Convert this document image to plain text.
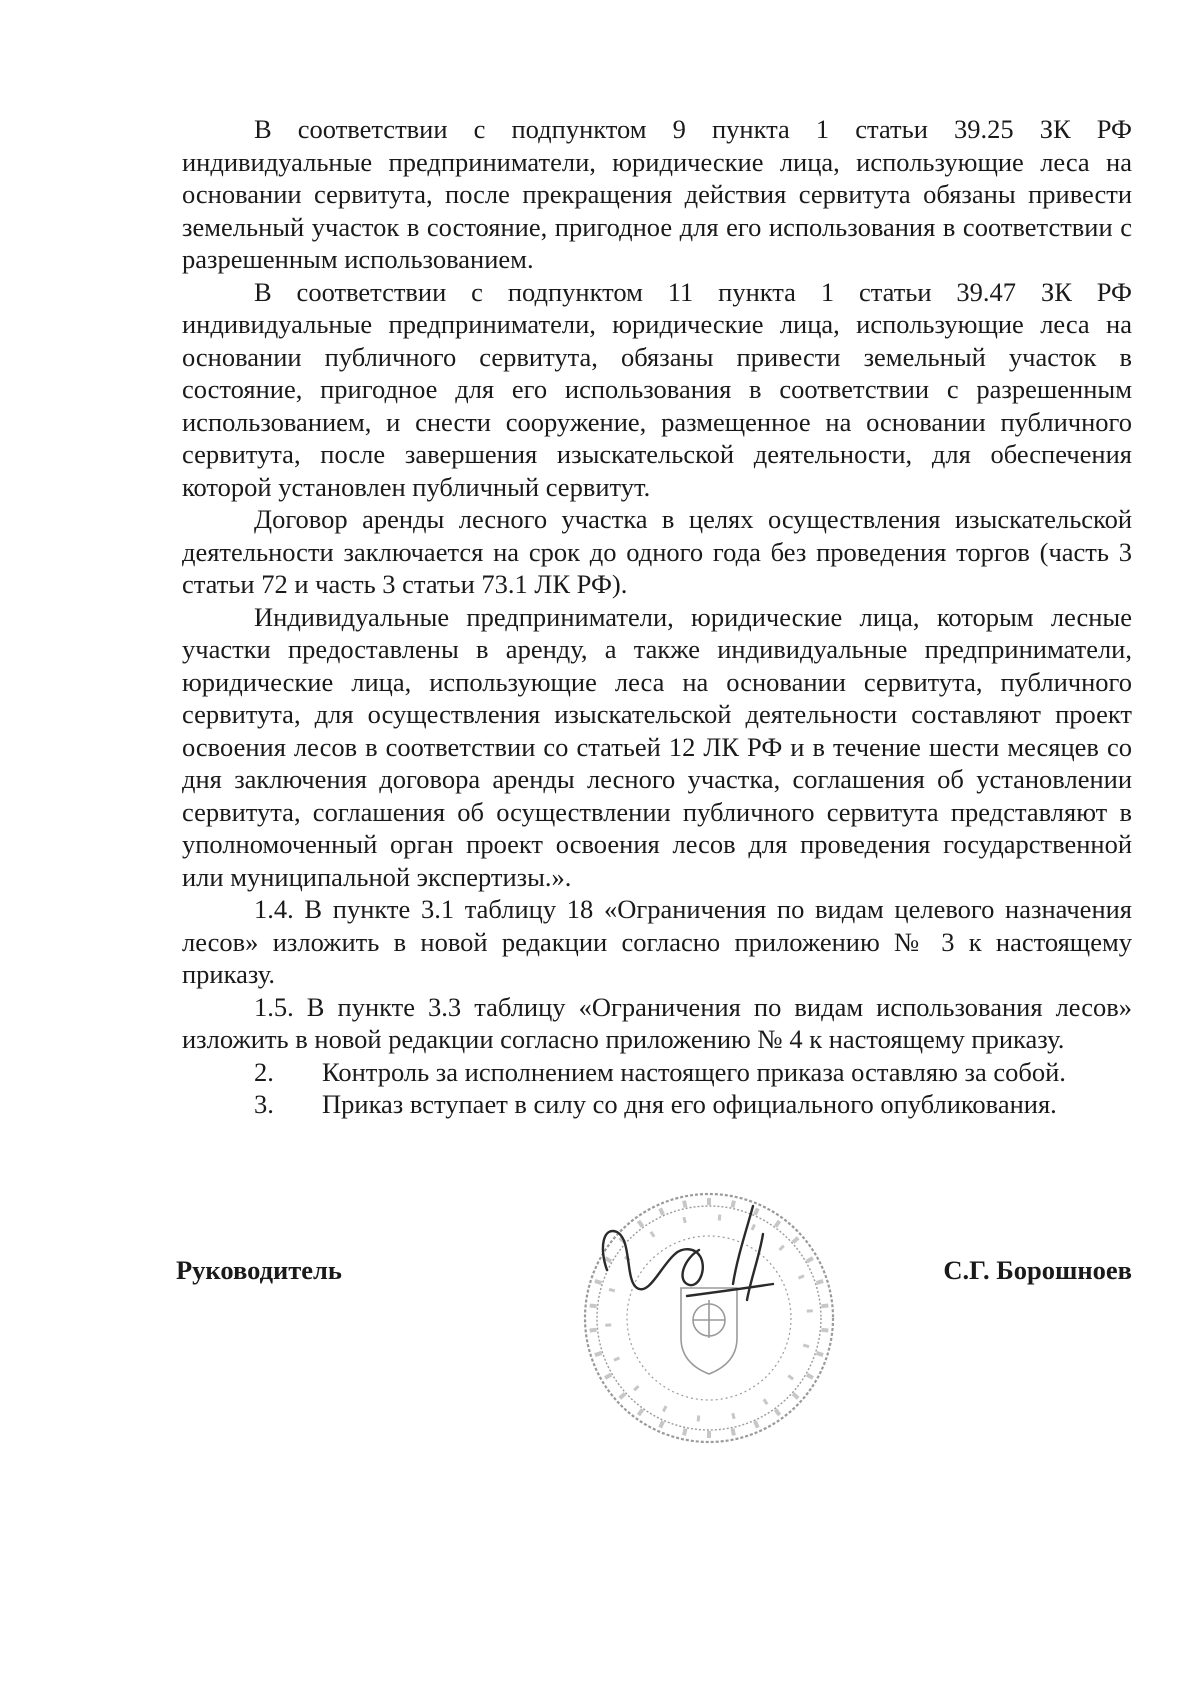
В соответствии с подпунктом 9 пункта 1 статьи 39.25 ЗК РФ индивидуальные предприниматели, юридические лица, использующие леса на основании сервитута, после прекращения действия сервитута обязаны привести земельный участок в состояние, пригодное для его использования в соответствии с разрешенным использованием.

В соответствии с подпунктом 11 пункта 1 статьи 39.47 ЗК РФ индивидуальные предприниматели, юридические лица, использующие леса на основании публичного сервитута, обязаны привести земельный участок в состояние, пригодное для его использования в соответствии с разрешенным использованием, и снести сооружение, размещенное на основании публичного сервитута, после завершения изыскательской деятельности, для обеспечения которой установлен публичный сервитут.

Договор аренды лесного участка в целях осуществления изыскательской деятельности заключается на срок до одного года без проведения торгов (часть 3 статьи 72 и часть 3 статьи 73.1 ЛК РФ).

Индивидуальные предприниматели, юридические лица, которым лесные участки предоставлены в аренду, а также индивидуальные предприниматели, юридические лица, использующие леса на основании сервитута, публичного сервитута, для осуществления изыскательской деятельности составляют проект освоения лесов в соответствии со статьей 12 ЛК РФ и в течение шести месяцев со дня заключения договора аренды лесного участка, соглашения об установлении сервитута, соглашения об осуществлении публичного сервитута представляют в уполномоченный орган проект освоения лесов для проведения государственной или муниципальной экспертизы.».

1.4. В пункте 3.1 таблицу 18 «Ограничения по видам целевого назначения лесов» изложить в новой редакции согласно приложению № 3 к настоящему приказу.

1.5. В пункте 3.3 таблицу «Ограничения по видам использования лесов» изложить в новой редакции согласно приложению № 4 к настоящему приказу.

2.	Контроль за исполнением настоящего приказа оставляю за собой.
3.	Приказ вступает в силу со дня его официального опубликования.
Руководитель	С.Г. Борошноев
